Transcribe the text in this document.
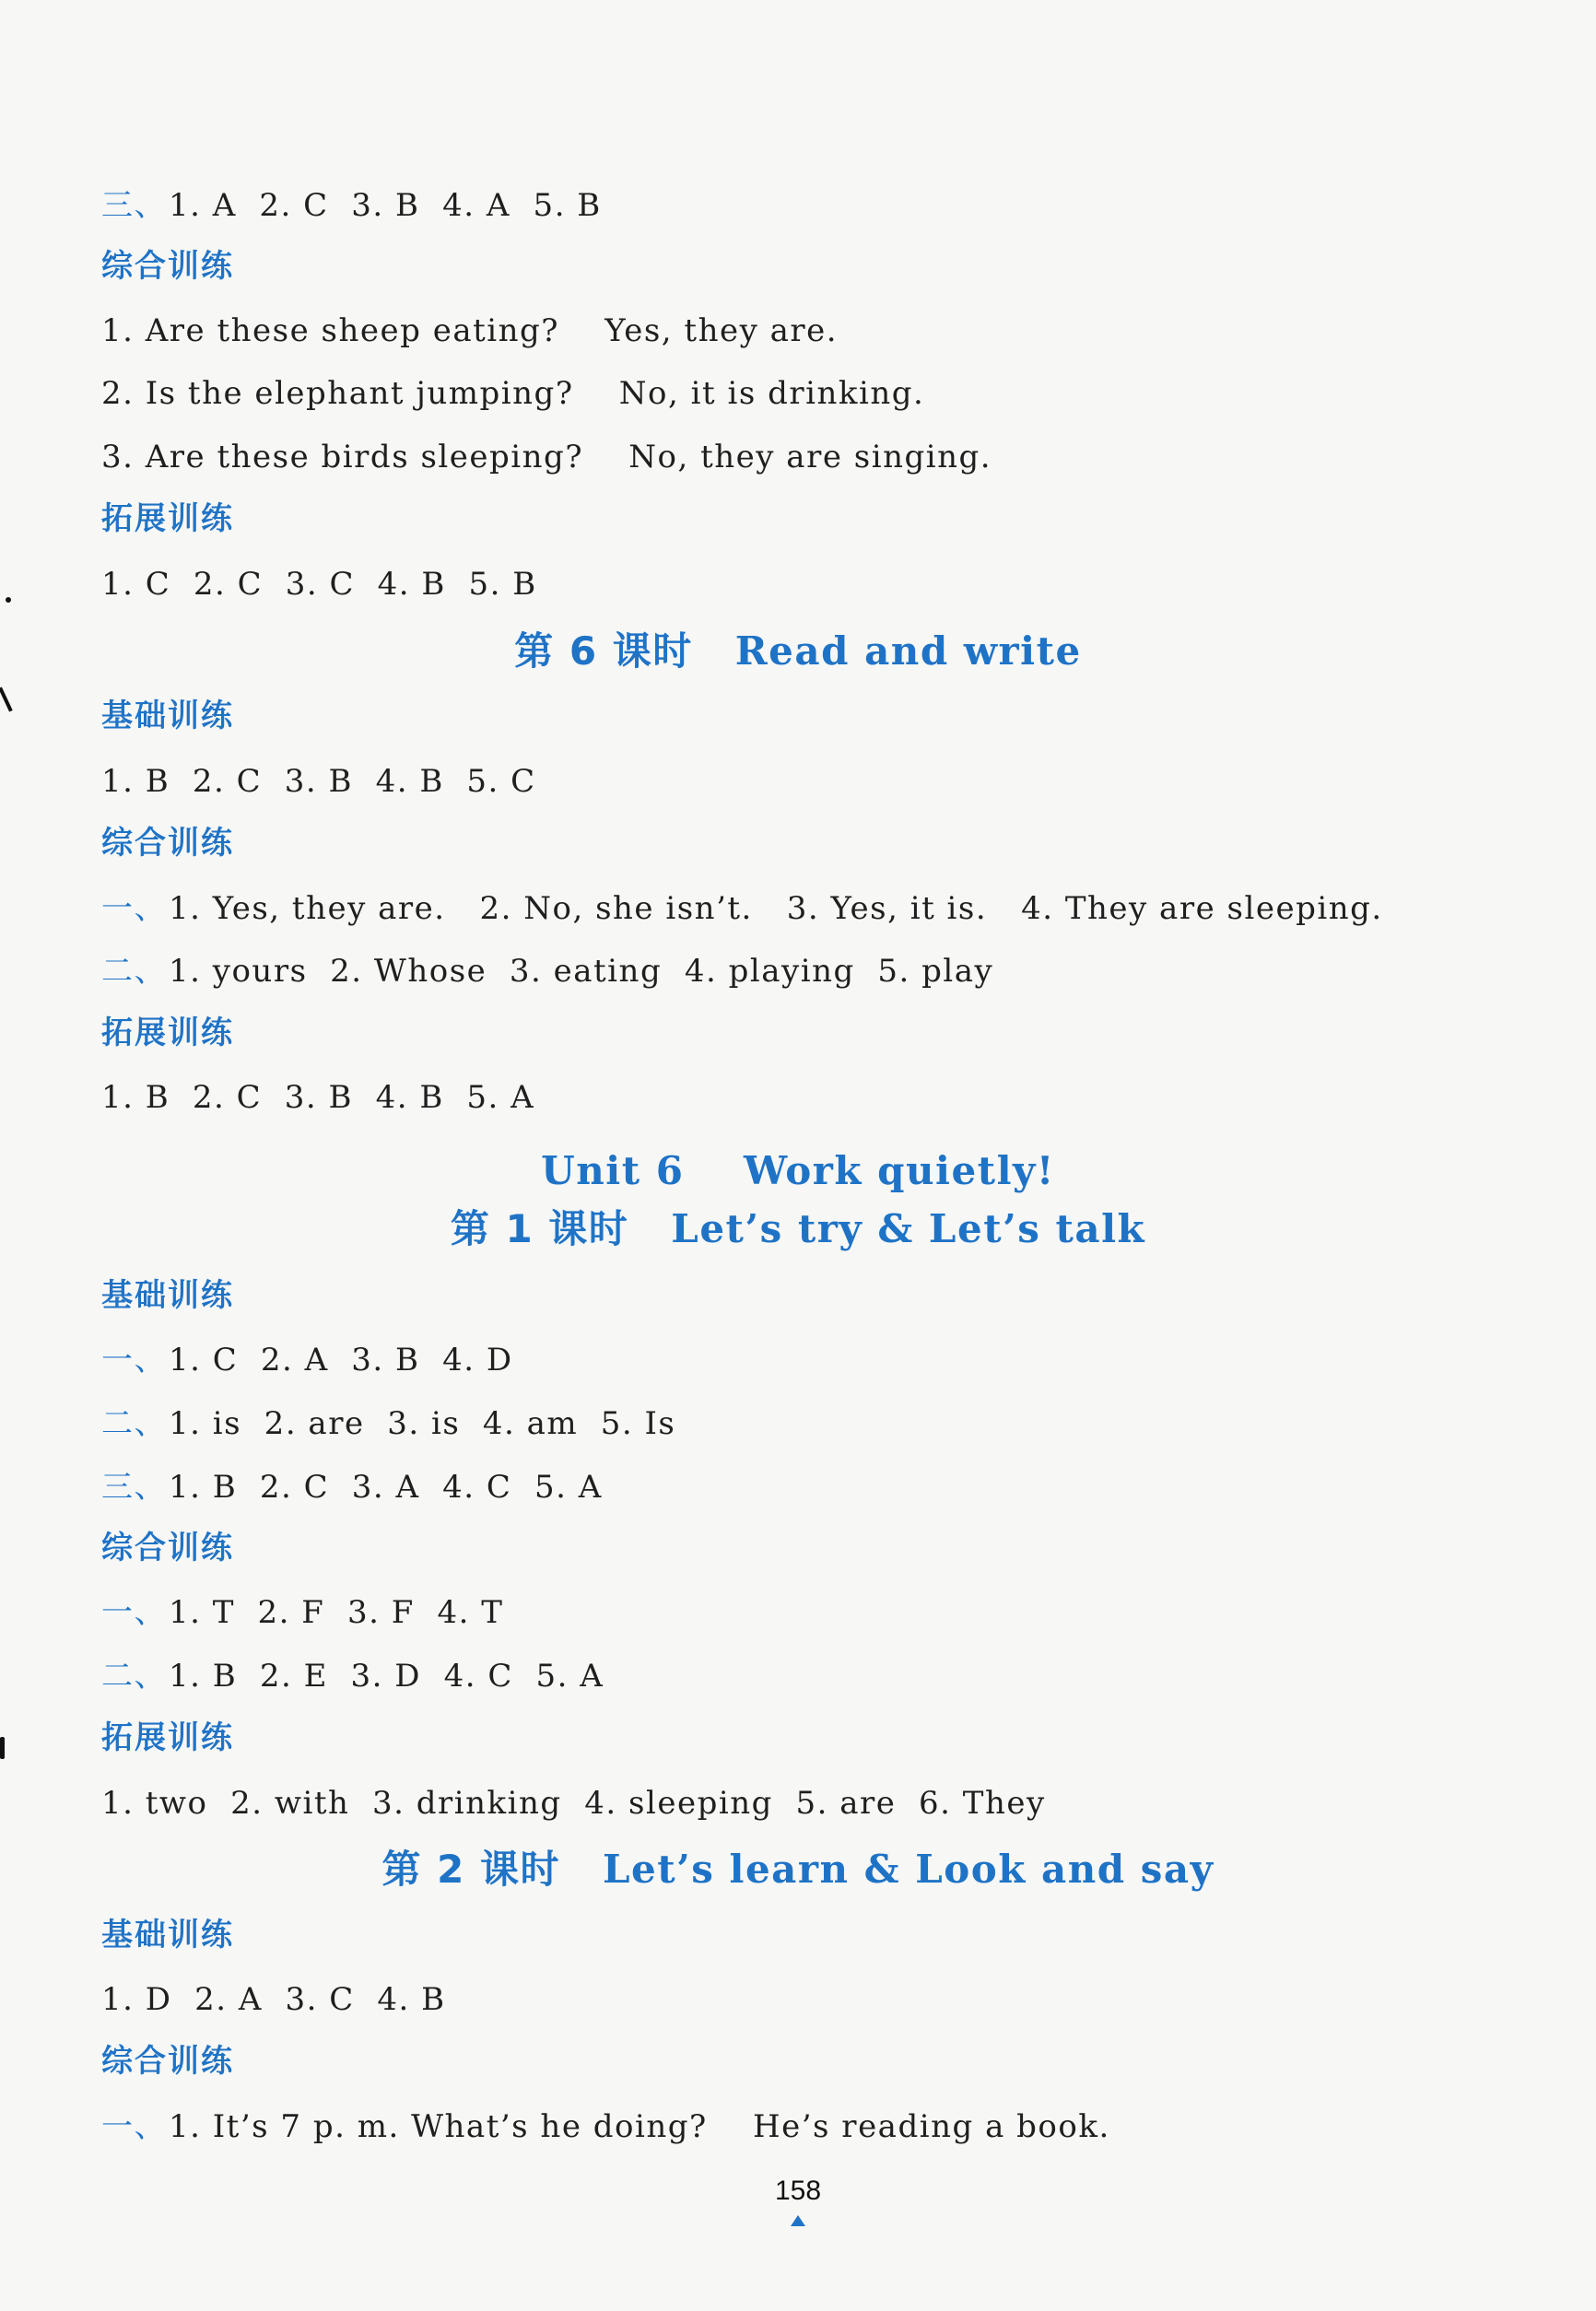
三、1. A  2. C  3. B  4. A  5. B
综合训练
1. Are these sheep eating?    Yes, they are.
2. Is the elephant jumping?    No, it is drinking.
3. Are these birds sleeping?    No, they are singing.
拓展训练
1. C  2. C  3. C  4. B  5. B
第 6 课时 Read and write
基础训练
1. B  2. C  3. B  4. B  5. C
综合训练
一、1. Yes, they are.   2. No, she isn’t.   3. Yes, it is.   4. They are sleeping.
二、1. yours  2. Whose  3. eating  4. playing  5. play
拓展训练
1. B  2. C  3. B  4. B  5. A
Unit 6    Work quietly!
第 1 课时 Let’s try & Let’s talk
基础训练
一、1. C  2. A  3. B  4. D
二、1. is  2. are  3. is  4. am  5. Is
三、1. B  2. C  3. A  4. C  5. A
综合训练
一、1. T  2. F  3. F  4. T
二、1. B  2. E  3. D  4. C  5. A
拓展训练
1. two  2. with  3. drinking  4. sleeping  5. are  6. They
第 2 课时 Let’s learn & Look and say
基础训练
1. D  2. A  3. C  4. B
综合训练
一、1. It’s 7 p. m. What’s he doing?    He’s reading a book.
158
